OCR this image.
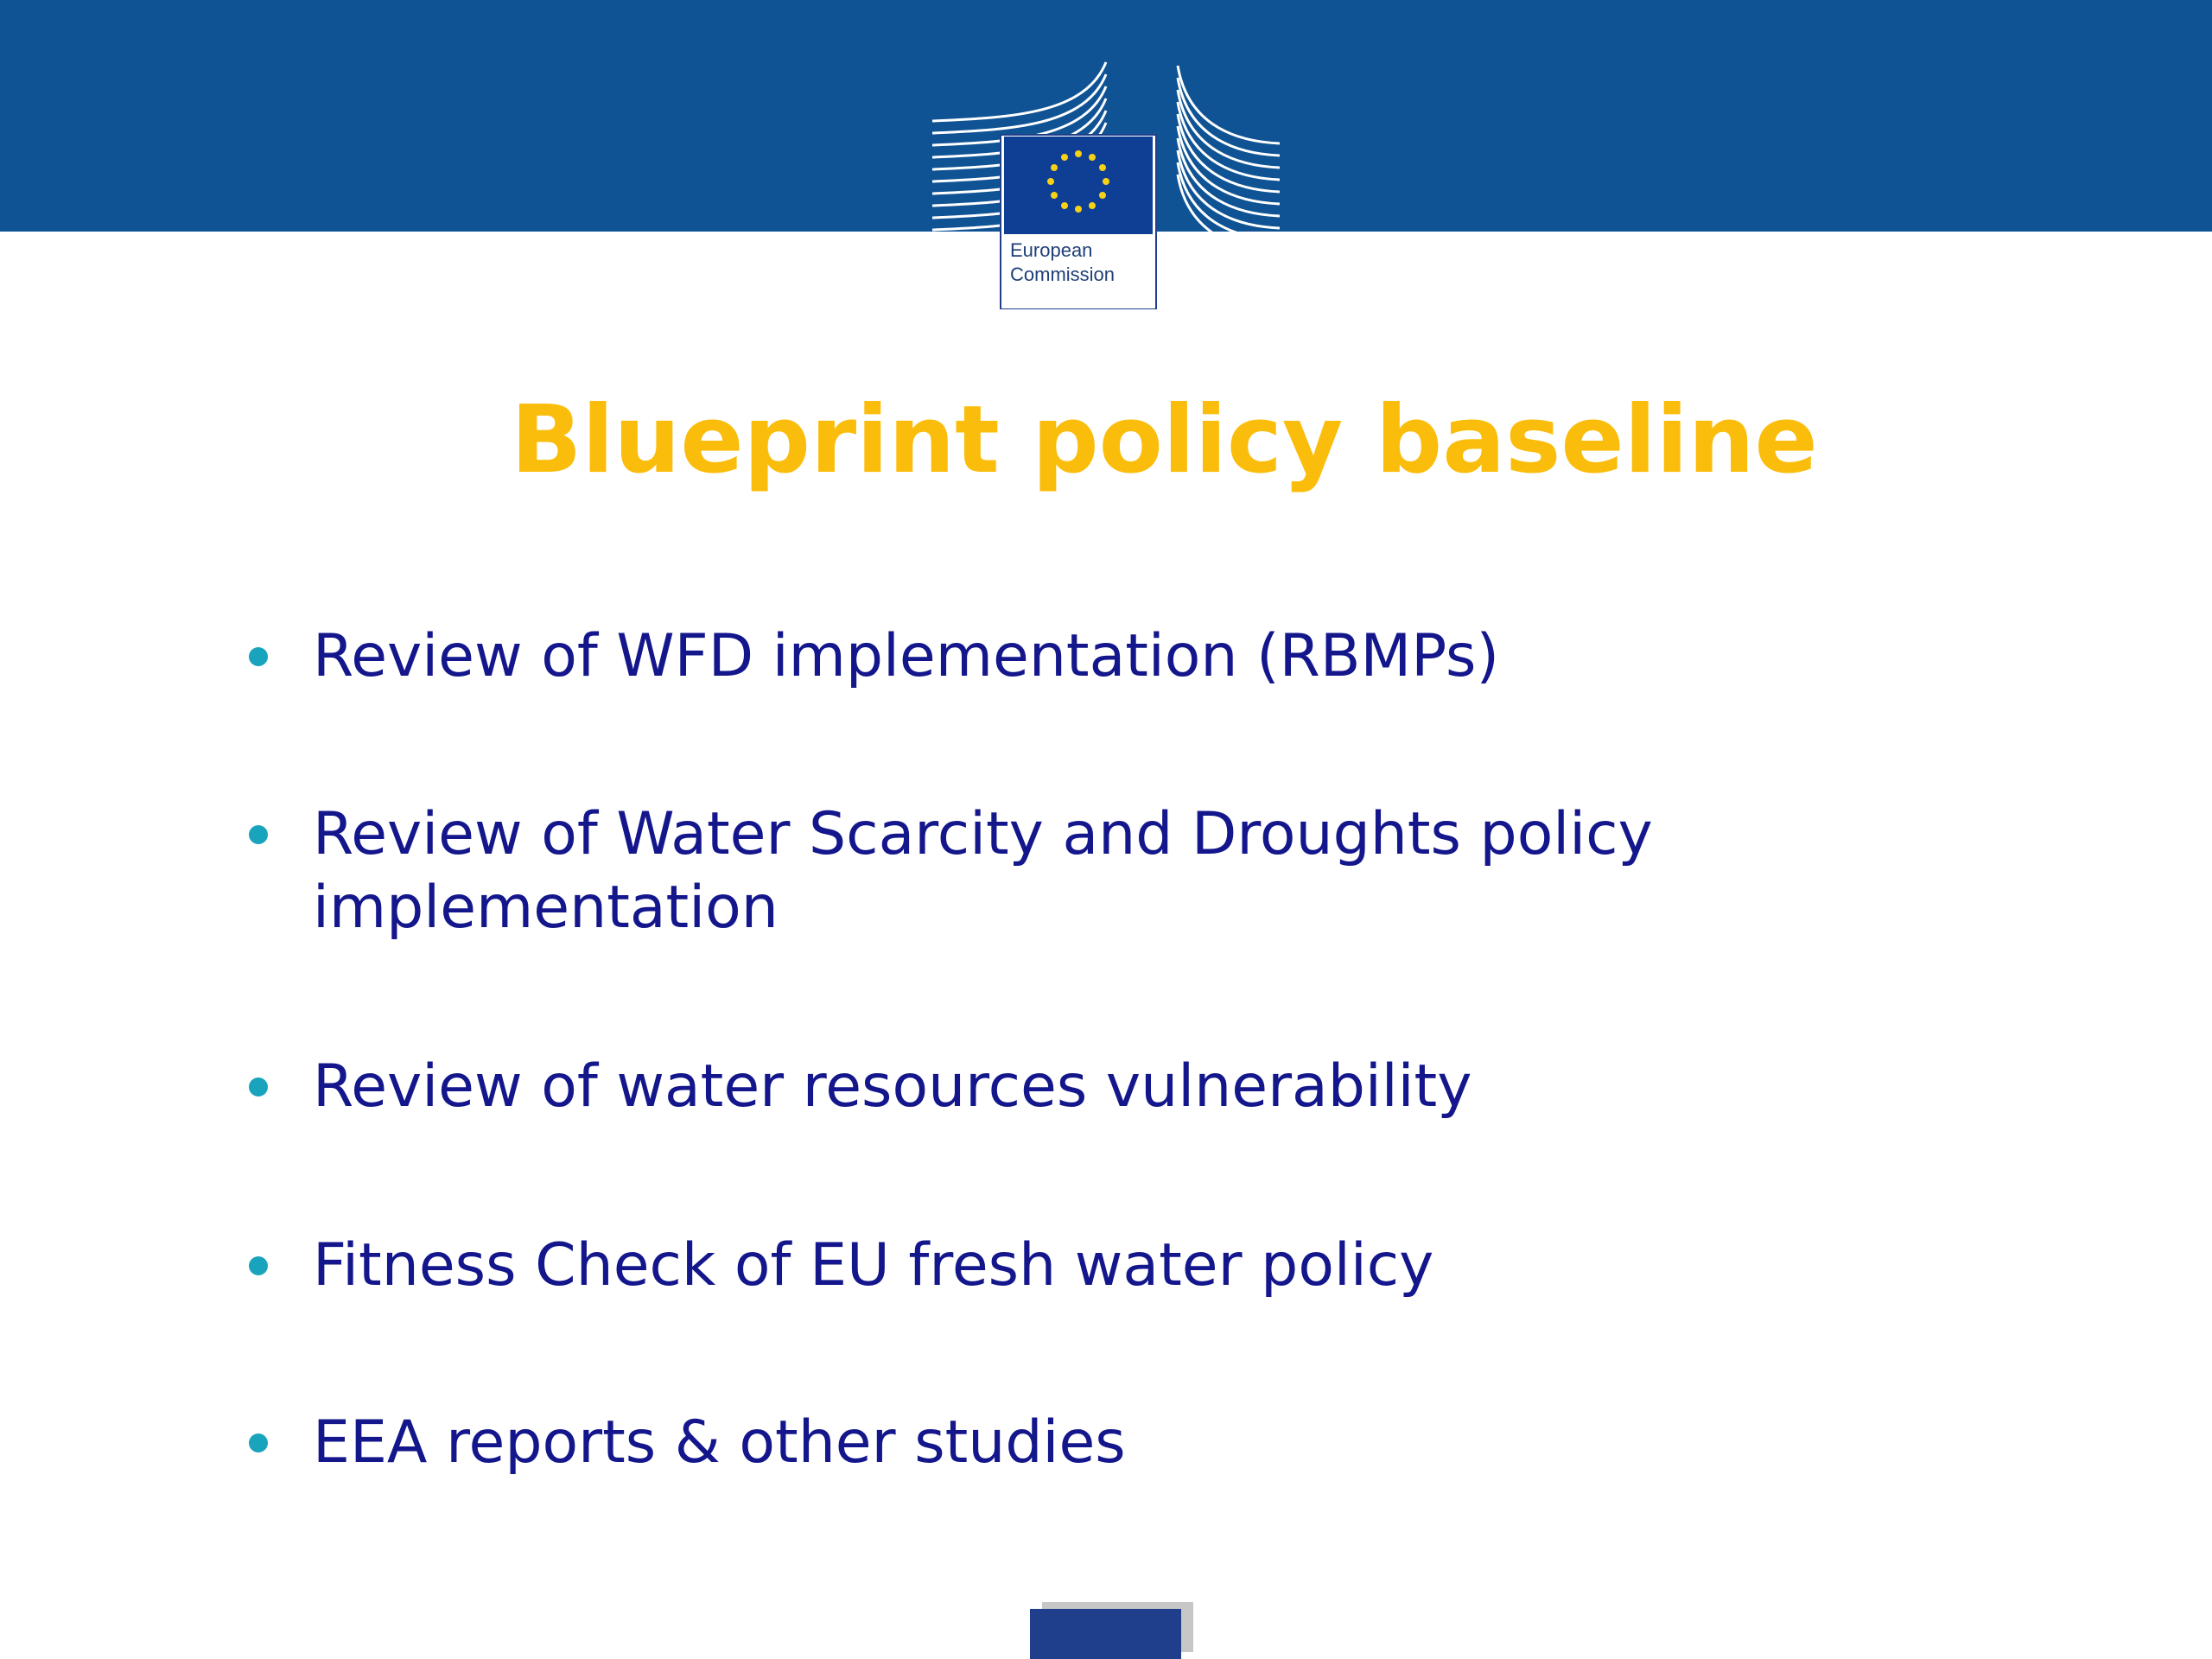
European
Commission
Blueprint policy baseline
Review of WFD implementation (RBMPs)
Review of Water Scarcity and Droughts policy
implementation
Review of water resources vulnerability
Fitness Check of EU fresh water policy
EEA reports & other studies
